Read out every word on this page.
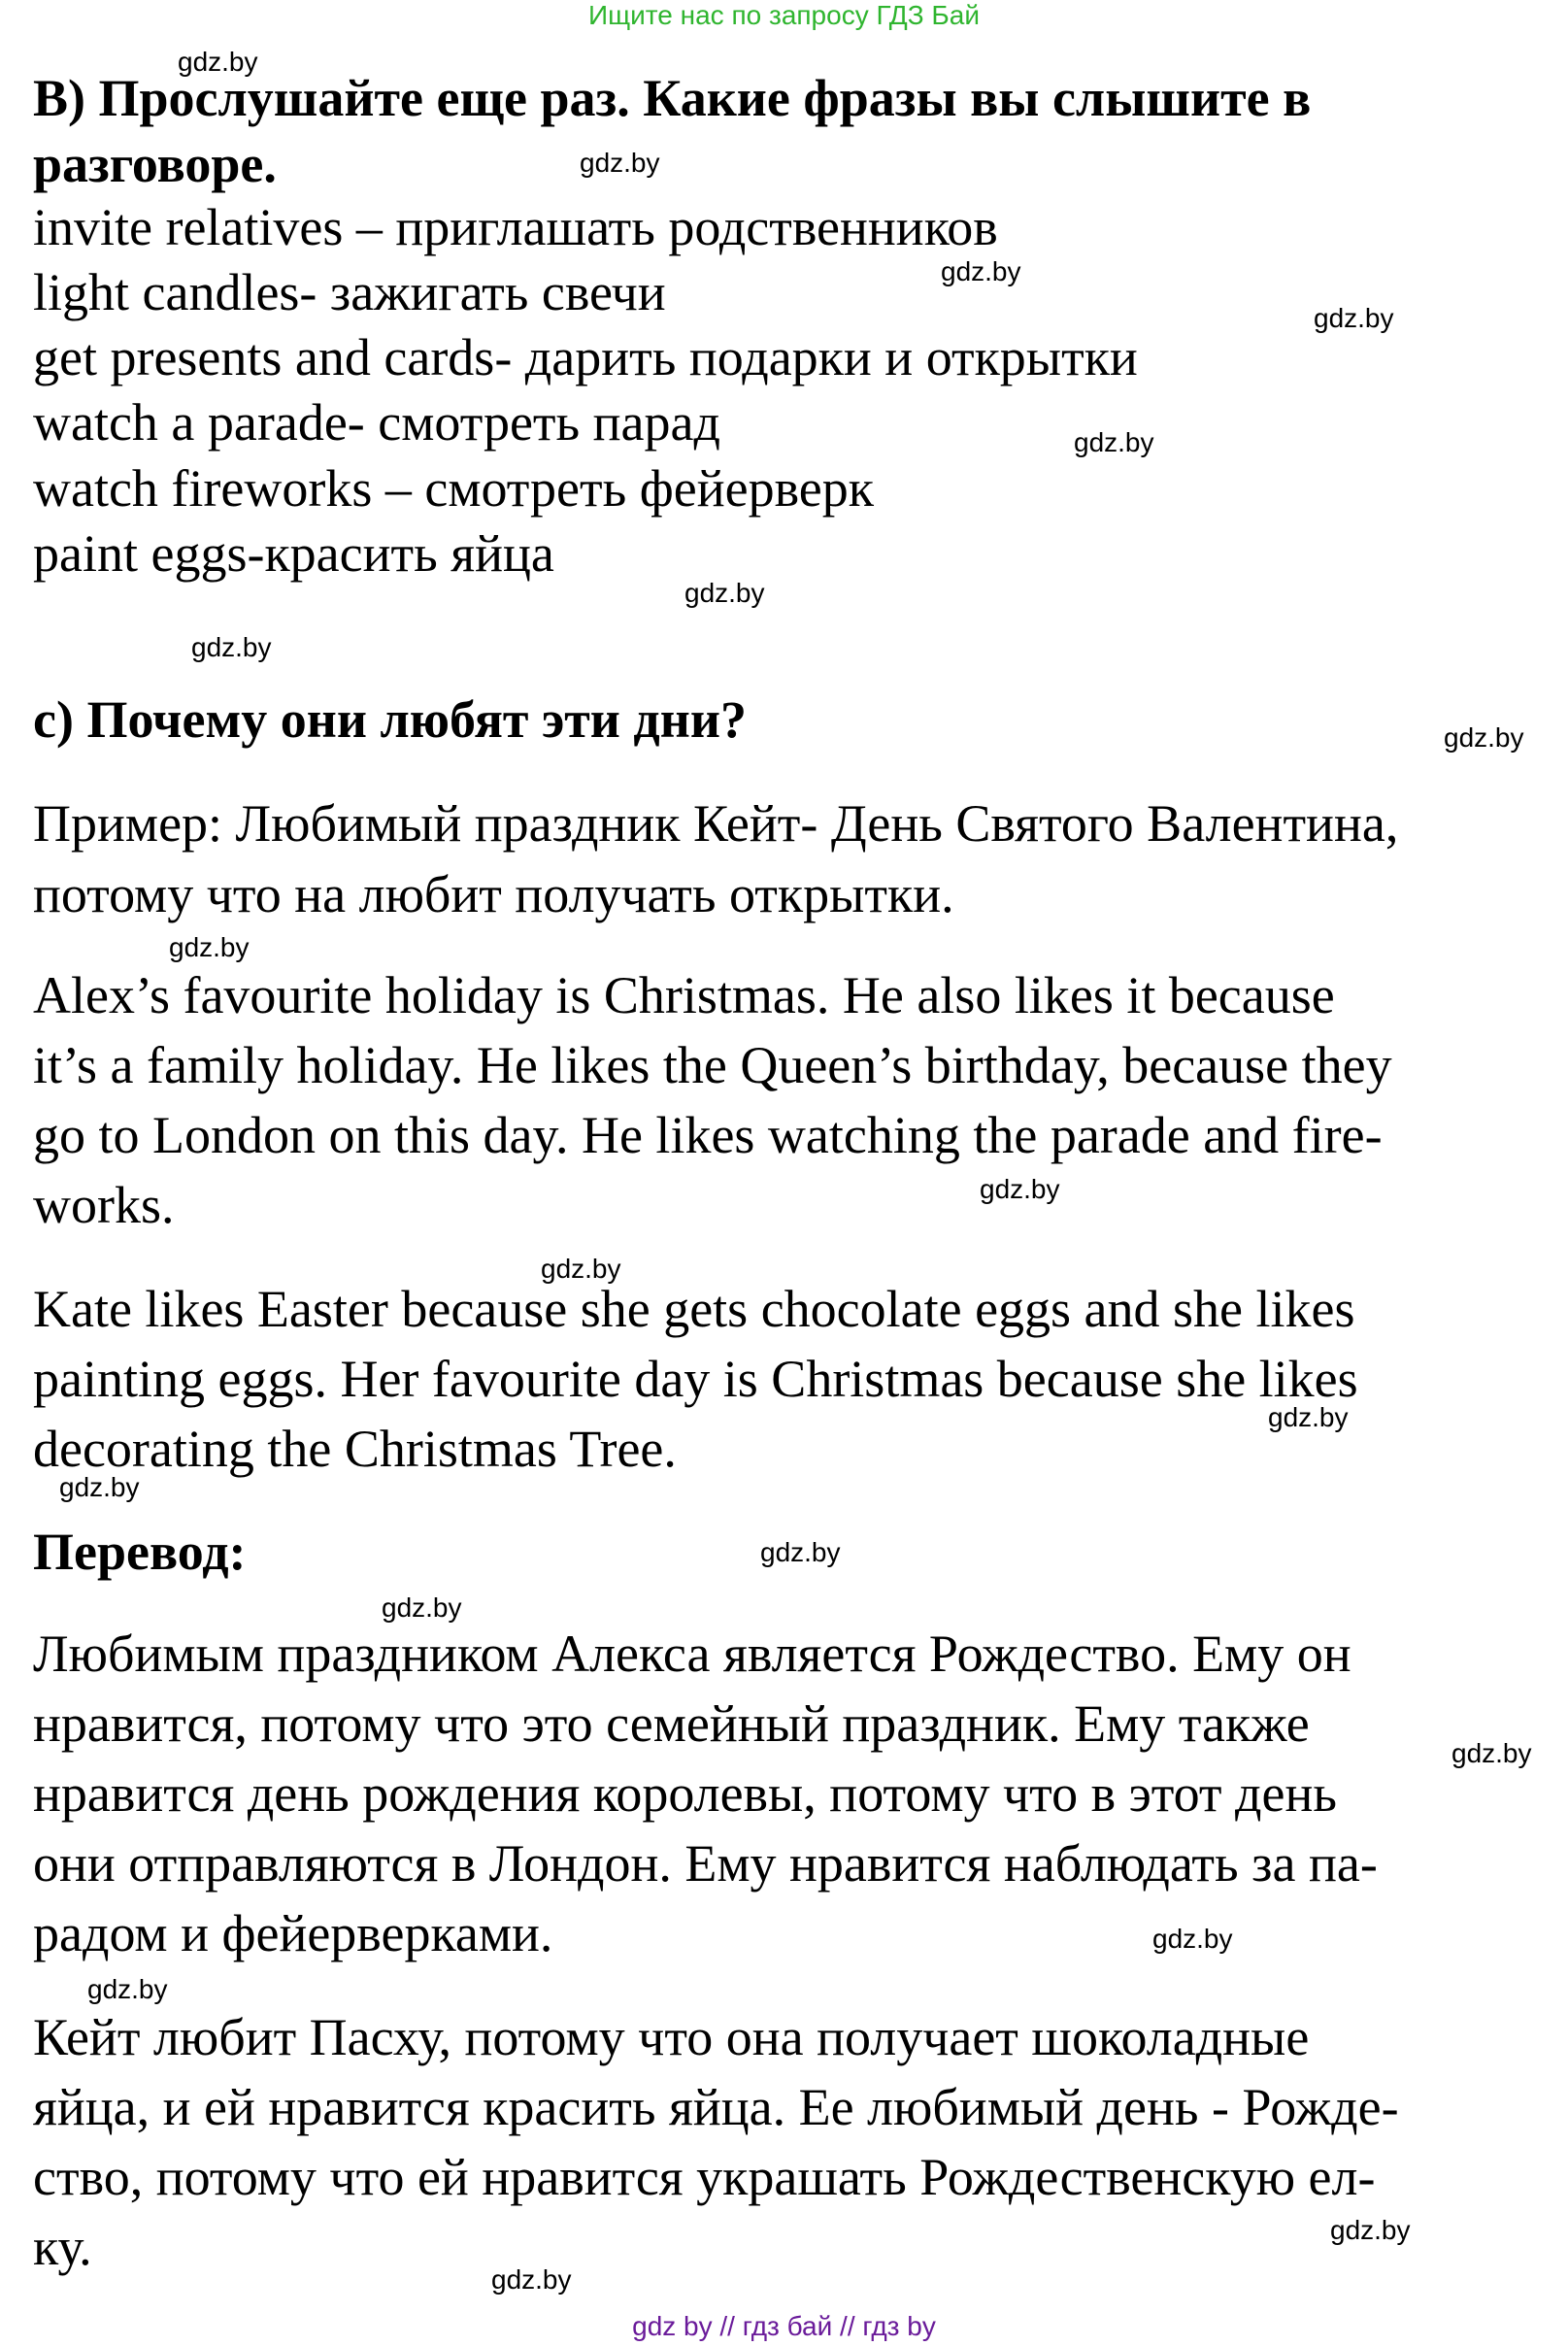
Ищите нас по запросу ГДЗ Бай
gdz by // гдз бай // гдз by
B) Прослушайте еще раз. Какие фразы вы слышите в
разговоре.
invite relatives – приглашать родственников
light candles- зажигать свечи
get presents and cards- дарить подарки и открытки
watch a parade- смотреть парад
watch fireworks – смотреть фейерверк
paint eggs-красить яйца
с) Почему они любят эти дни?
Пример: Любимый праздник Кейт- День Святого Валентина,
потому что на любит получать открытки.
Alex’s favourite holiday is Christmas. He also likes it because
it’s a family holiday. He likes the Queen’s birthday, because they
go to London on this day. He likes watching the parade and fire-
works.
Kate likes Easter because she gets chocolate eggs and she likes
painting eggs. Her favourite day is Christmas because she likes
decorating the Christmas Tree.
Перевод:
Любимым праздником Алекса является Рождество. Ему он
нравится, потому что это семейный праздник. Ему также
нравится день рождения королевы, потому что в этот день
они отправляются в Лондон. Ему нравится наблюдать за па-
радом и фейерверками.
Кейт любит Пасху, потому что она получает шоколадные
яйца, и ей нравится красить яйца. Ее любимый день - Рожде-
ство, потому что ей нравится украшать Рождественскую ел-
ку.
gdz.by
gdz.by
gdz.by
gdz.by
gdz.by
gdz.by
gdz.by
gdz.by
gdz.by
gdz.by
gdz.by
gdz.by
gdz.by
gdz.by
gdz.by
gdz.by
gdz.by
gdz.by
gdz.by
gdz.by
